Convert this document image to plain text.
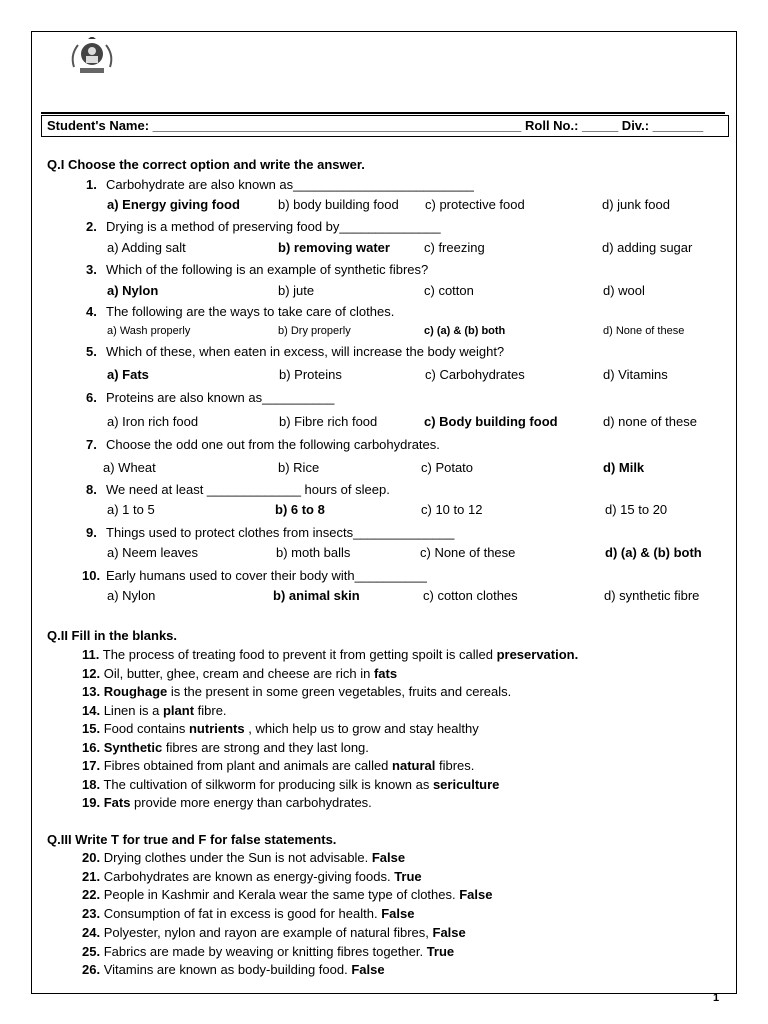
Student's Name: ___________________________________________________ Roll No.: _____ Div.: _______
Q.I Choose the correct option and write the answer.
1. Carbohydrate are also known as_________________________
a) Energy giving food	b) body building food c) protective food	d) junk food
2. Drying is a method of preserving food by______________
a) Adding salt	b) removing water	c) freezing	d) adding sugar
3. Which of the following is an example of synthetic fibres?
a) Nylon	b) jute	c) cotton	d) wool
4. The following are the ways to take care of clothes.
a) Wash properly	b) Dry properly	c) (a) & (b) both	d) None of these
5. Which of these, when eaten in excess, will increase the body weight?
a) Fats	b) Proteins	c) Carbohydrates	d) Vitamins
6. Proteins are also known as__________
a) Iron rich food	b) Fibre rich food	c) Body building food	d) none of these
7. Choose the odd one out from the following carbohydrates.
a) Wheat	b) Rice	c) Potato	d) Milk
8. We need at least _____________ hours of sleep.
a) 1 to 5	b) 6 to 8	c) 10 to 12	d) 15 to 20
9. Things used to protect clothes from insects______________
a) Neem leaves	b) moth balls	c) None of these	d) (a) & (b) both
10. Early humans used to cover their body with__________
a) Nylon	b) animal skin	c) cotton clothes	d) synthetic fibre
Q.II Fill in the blanks.
11. The process of treating food to prevent it from getting spoilt is called preservation.
12. Oil, butter, ghee, cream and cheese are rich in fats
13. Roughage is the present in some green vegetables, fruits and cereals.
14. Linen is a plant fibre.
15. Food contains nutrients , which help us to grow and stay healthy
16. Synthetic fibres are strong and they last long.
17. Fibres obtained from plant and animals are called natural fibres.
18. The cultivation of silkworm for producing silk is known as sericulture
19. Fats provide more energy than carbohydrates.
Q.III Write T for true and F for false statements.
20. Drying clothes under the Sun is not advisable. False
21. Carbohydrates are known as energy-giving foods. True
22. People in Kashmir and Kerala wear the same type of clothes. False
23. Consumption of fat in excess is good for health. False
24. Polyester, nylon and rayon are example of natural fibres, False
25. Fabrics are made by weaving or knitting fibres together. True
26. Vitamins are known as body-building food. False
1
